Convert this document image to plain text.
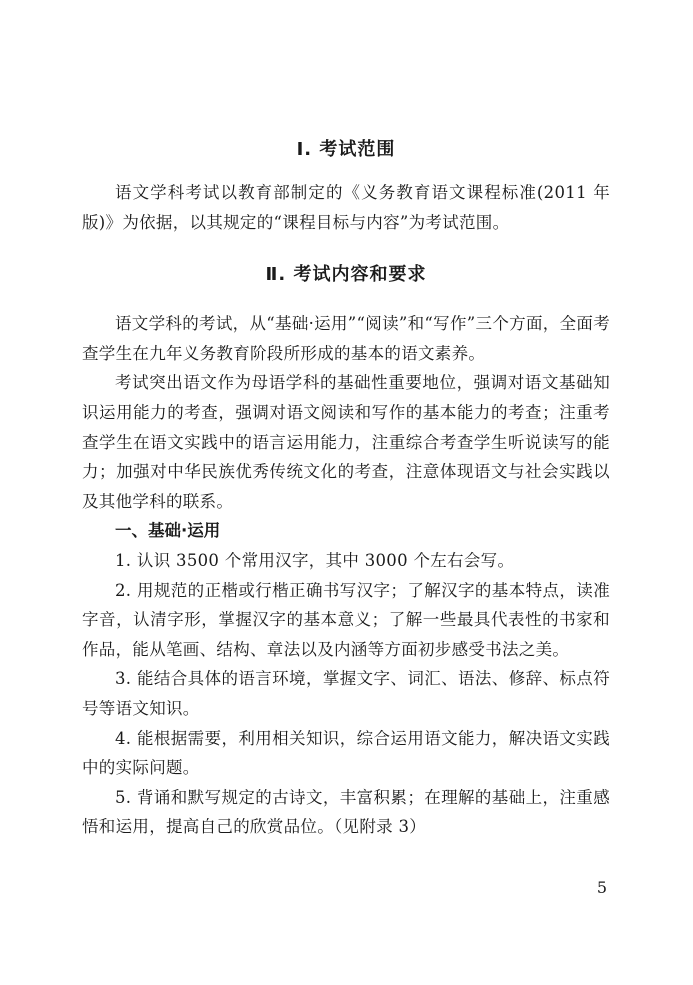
Ⅰ. 考试范围

语文学科考试以教育部制定的《义务教育语文课程标准(2011 年版)》为依据，以其规定的“课程目标与内容”为考试范围。

Ⅱ. 考试内容和要求

语文学科的考试，从“基础·运用”“阅读”和“写作”三个方面，全面考查学生在九年义务教育阶段所形成的基本的语文素养。

考试突出语文作为母语学科的基础性重要地位，强调对语文基础知识运用能力的考查，强调对语文阅读和写作的基本能力的考查；注重考查学生在语文实践中的语言运用能力，注重综合考查学生听说读写的能力；加强对中华民族优秀传统文化的考查，注意体现语文与社会实践以及其他学科的联系。

一、基础·运用

1. 认识 3500 个常用汉字，其中 3000 个左右会写。

2. 用规范的正楷或行楷正确书写汉字；了解汉字的基本特点，读准字音，认清字形，掌握汉字的基本意义；了解一些最具代表性的书家和作品，能从笔画、结构、章法以及内涵等方面初步感受书法之美。

3. 能结合具体的语言环境，掌握文字、词汇、语法、修辞、标点符号等语文知识。

4. 能根据需要，利用相关知识，综合运用语文能力，解决语文实践中的实际问题。

5. 背诵和默写规定的古诗文，丰富积累；在理解的基础上，注重感悟和运用，提高自己的欣赏品位。（见附录 3）

5
